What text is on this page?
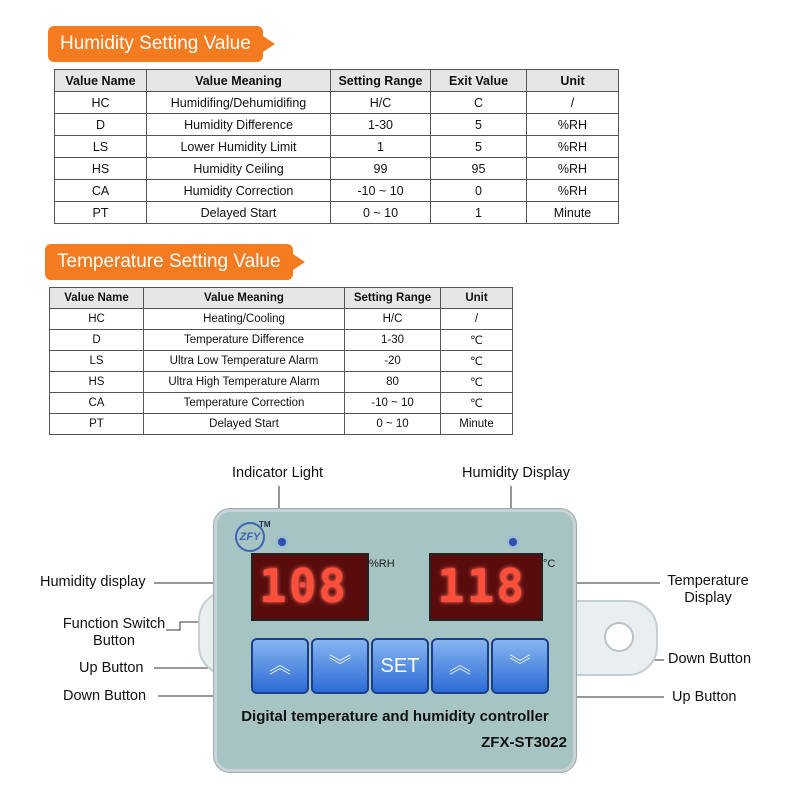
Humidity Setting Value
Value Name	Value Meaning	Setting Range	Exit Value	Unit
HC	Humidifing/Dehumidifing	H/C	C	/
D	Humidity Difference	1-30	5	%RH
LS	Lower Humidity Limit	1	5	%RH
HS	Humidity Ceiling	99	95	%RH
CA	Humidity Correction	-10 ~ 10	0	%RH
PT	Delayed Start	0 ~ 10	1	Minute
Temperature Setting Value
Value Name	Value Meaning	Setting Range	Unit
HC	Heating/Cooling	H/C	/
D	Temperature Difference	1-30	℃
LS	Ultra Low Temperature Alarm	-20	℃
HS	Ultra High Temperature Alarm	80	℃
CA	Temperature Correction	-10 ~ 10	℃
PT	Delayed Start	0 ~ 10	Minute
Indicator Light	Humidity Display
Humidity display	Temperature Display
Function Switch Button
Up Button
Down Button
Down Button
Up Button
ZFY
TM
108 %RH 118 °C
︽	︾	SET	︽	︾
Digital temperature and humidity controller
ZFX-ST3022
